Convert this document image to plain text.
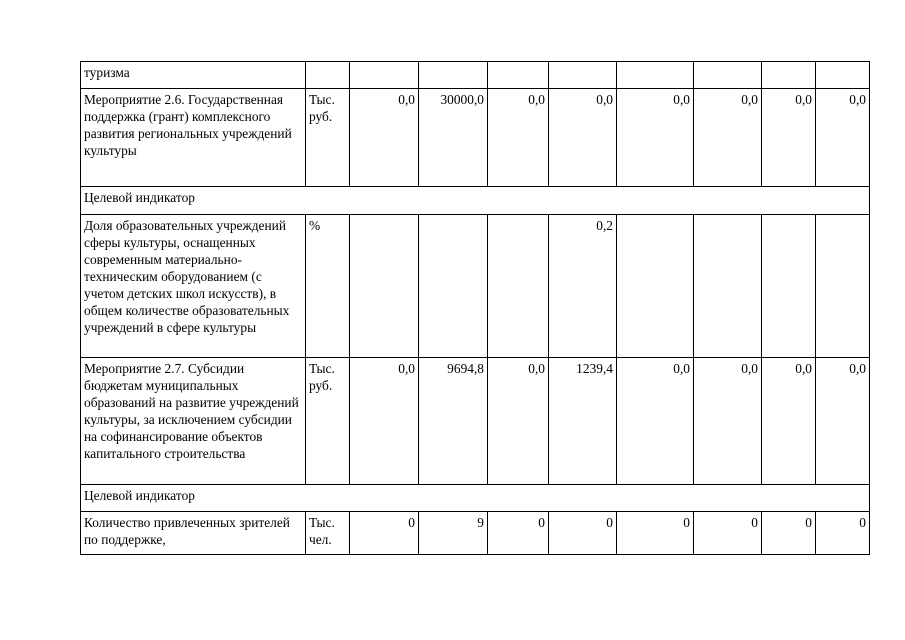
туризма									
Мероприятие 2.6. Государственная поддержка (грант) комплексного развития региональных учреждений культуры	Тыс. руб.	0,0	30000,0	0,0	0,0	0,0	0,0	0,0	0,0
Целевой индикатор									
Доля образовательных учреждений сферы культуры, оснащенных современным материально-техническим оборудованием (с учетом детских школ искусств), в общем количестве образовательных учреждений в сфере культуры	%				0,2				
Мероприятие 2.7. Субсидии бюджетам муниципальных образований на развитие учреждений культуры, за исключением субсидии на софинансирование объектов капитального строительства	Тыс. руб.	0,0	9694,8	0,0	1239,4	0,0	0,0	0,0	0,0
Целевой индикатор									
Количество привлеченных зрителей по поддержке,	Тыс. чел.	0	9	0	0	0	0	0	0
